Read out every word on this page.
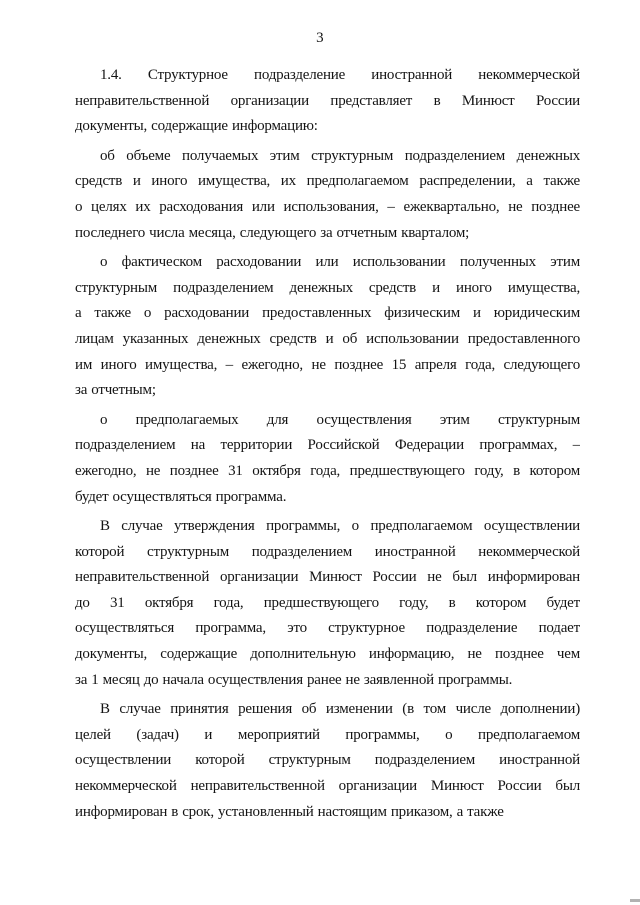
3
1.4. Структурное подразделение иностранной некоммерческой
неправительственной организации представляет в Минюст России
документы, содержащие информацию:
об объеме получаемых этим структурным подразделением денежных
средств и иного имущества, их предполагаемом распределении, а также
о целях их расходования или использования, – ежеквартально, не позднее
последнего числа месяца, следующего за отчетным кварталом;
о фактическом расходовании или использовании полученных этим
структурным подразделением денежных средств и иного имущества,
а также о расходовании предоставленных физическим и юридическим
лицам указанных денежных средств и об использовании предоставленного
им иного имущества, – ежегодно, не позднее 15 апреля года, следующего
за отчетным;
о предполагаемых для осуществления этим структурным
подразделением на территории Российской Федерации программах, –
ежегодно, не позднее 31 октября года, предшествующего году, в котором
будет осуществляться программа.
В случае утверждения программы, о предполагаемом осуществлении
которой структурным подразделением иностранной некоммерческой
неправительственной организации Минюст России не был информирован
до 31 октября года, предшествующего году, в котором будет
осуществляться программа, это структурное подразделение подает
документы, содержащие дополнительную информацию, не позднее чем
за 1 месяц до начала осуществления ранее не заявленной программы.
В случае принятия решения об изменении (в том числе дополнении)
целей (задач) и мероприятий программы, о предполагаемом
осуществлении которой структурным подразделением иностранной
некоммерческой неправительственной организации Минюст России был
информирован в срок, установленный настоящим приказом, а также
